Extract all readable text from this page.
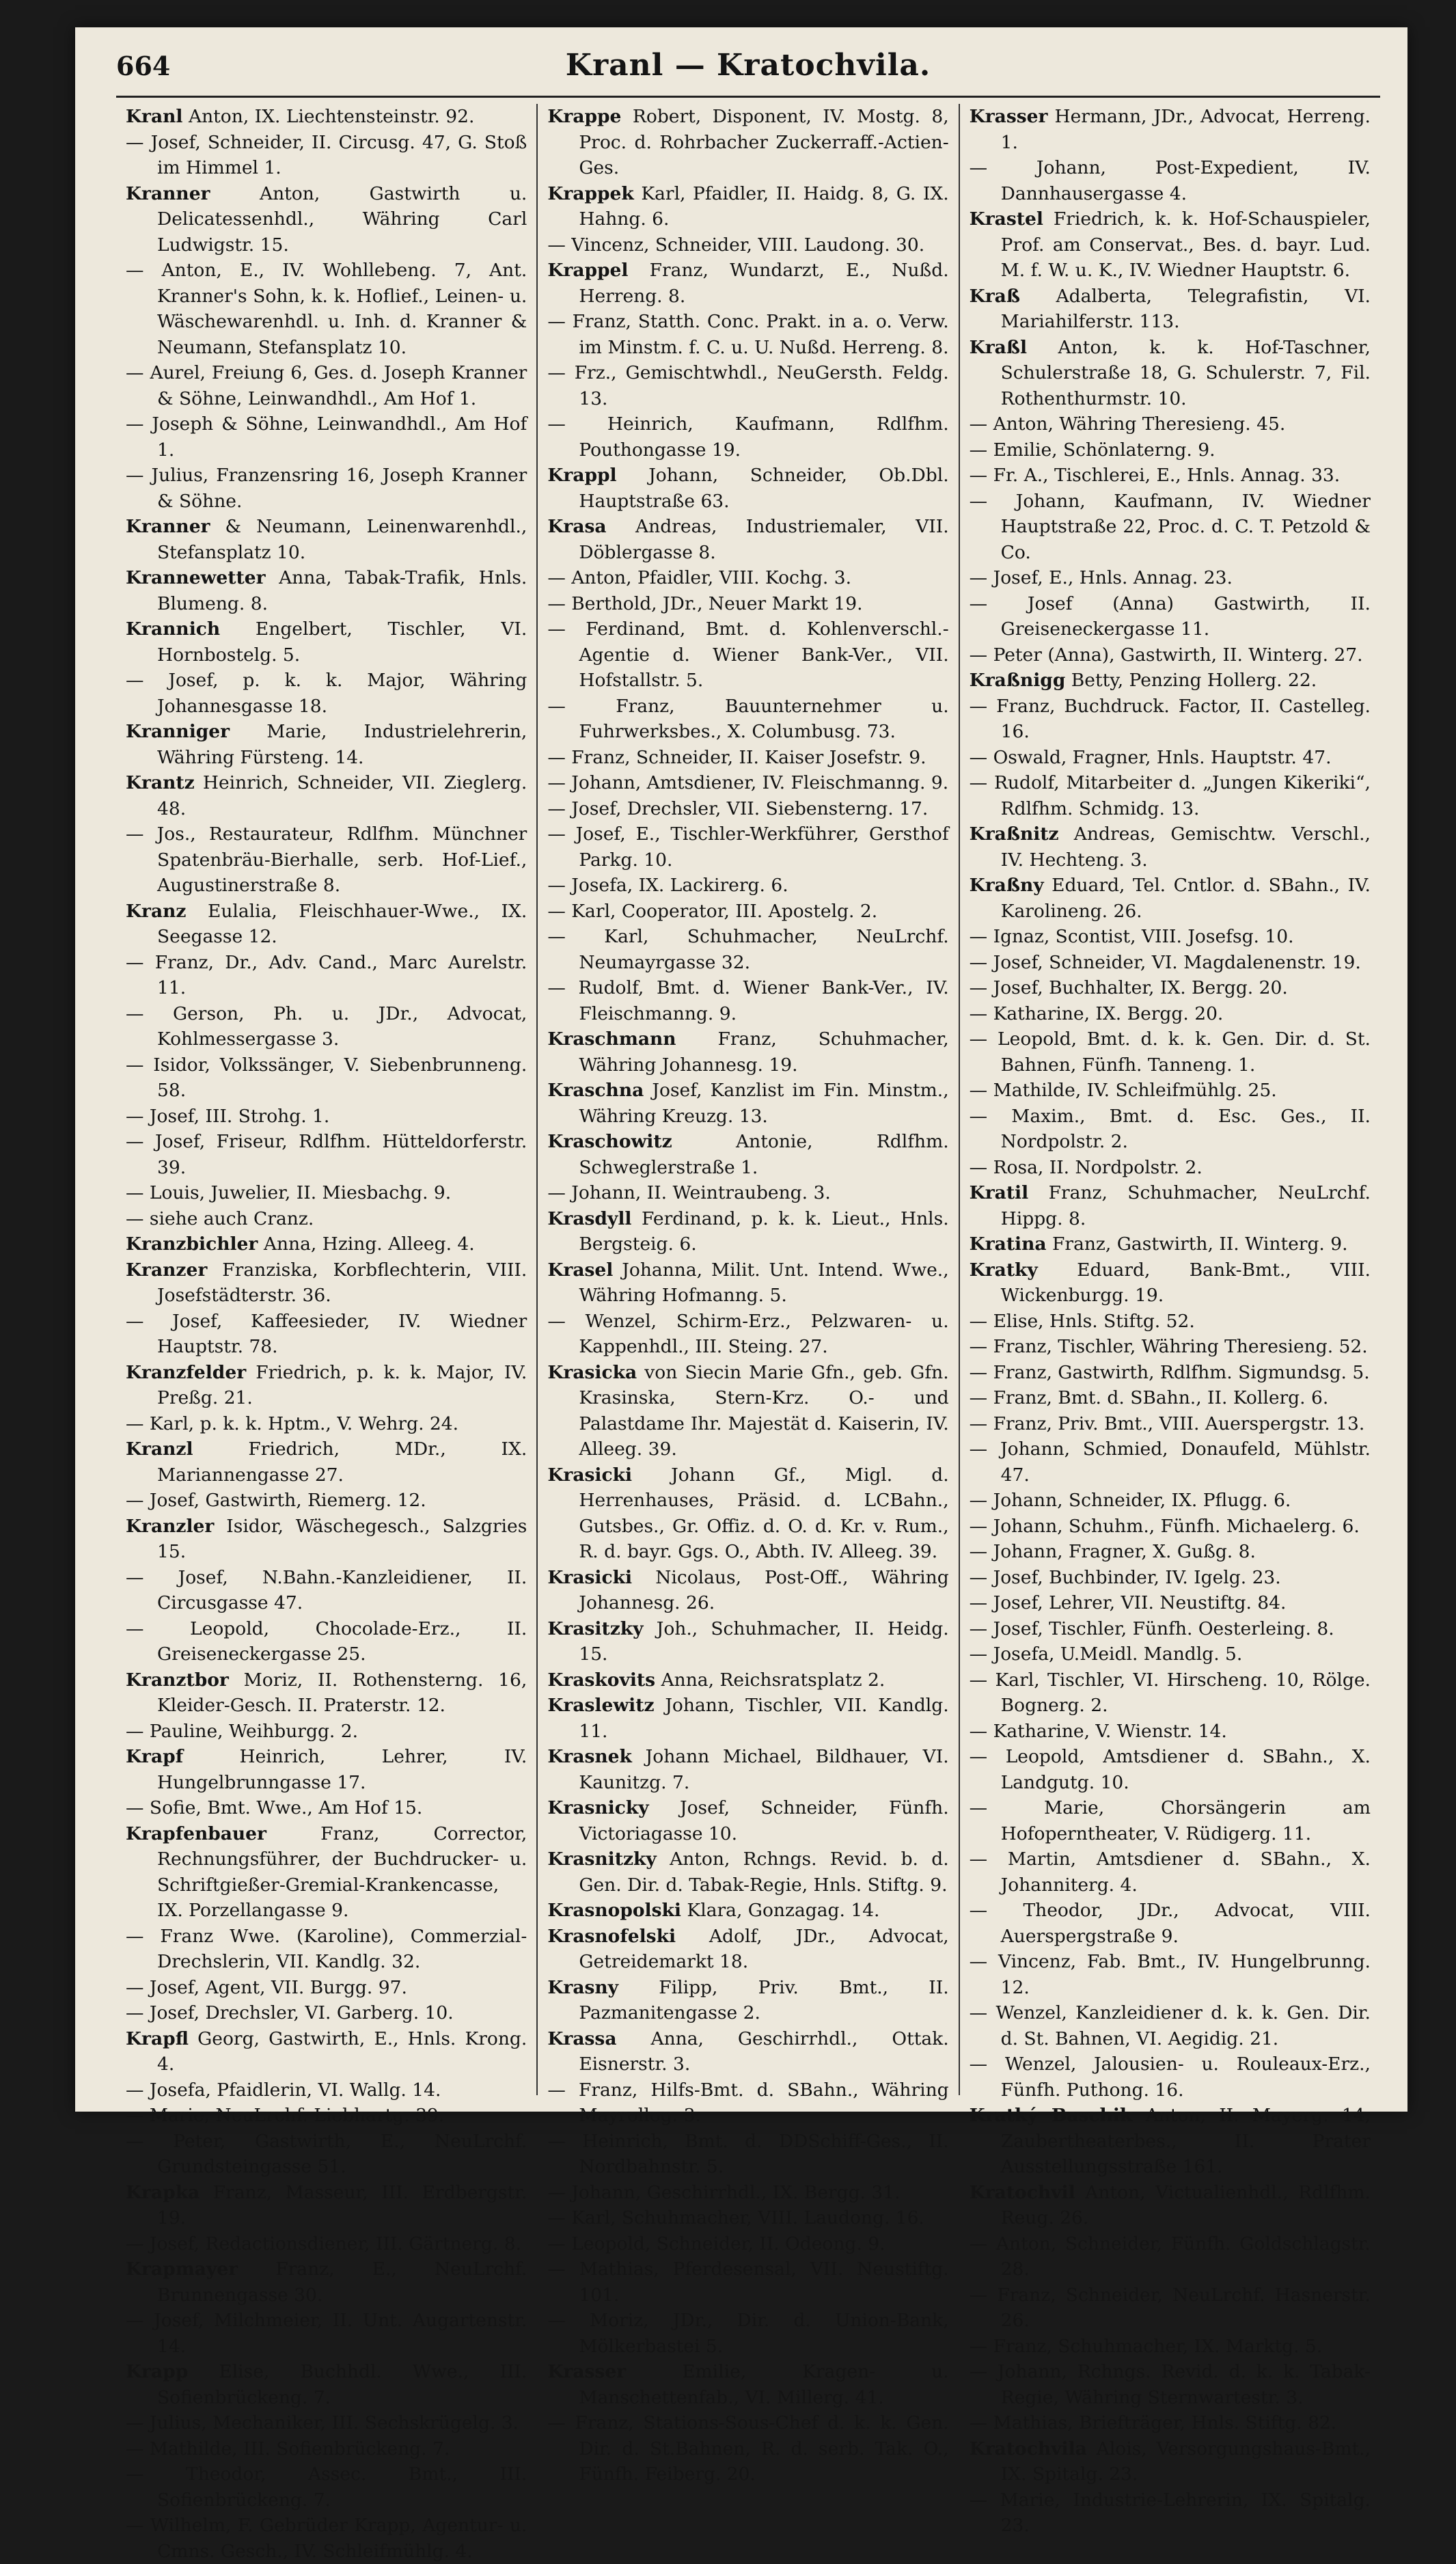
664	Kranl — Kratochvila.

Kranl Anton, IX. Liechtensteinstr. 92.

— Josef, Schneider, II. Circusg. 47, G. Stoß im Himmel 1.

Kranner	Anton, Gastwirth u. Delicatessenhdl., Währing Carl Ludwigstr. 15.

— Anton, E., IV. Wohllebeng. 7, Ant. Kranner's Sohn, k. k. Hoflief., Leinen- u. Wäschewarenhdl. u. Inh. d. Kranner & Neumann, Stefansplatz 10.

— Aurel, Freiung 6, Ges. d. Joseph Kranner & Söhne, Leinwandhdl., Am Hof 1.

— Joseph & Söhne, Leinwandhdl., Am Hof 1.

— Julius, Franzensring 16, Joseph Kranner & Söhne.

Kranner & Neumann, Leinenwarenhdl., Stefansplatz 10.

Krannewetter Anna, Tabak-Trafik, Hnls. Blumeng. 8.

Krannich Engelbert, Tischler, VI. Hornbostelg. 5.

— Josef, p. k. k. Major, Währing Johannesgasse 18.

Kranniger Marie, Industrielehrerin, Währing Fürsteng. 14.

Krantz Heinrich, Schneider, VII. Zieglerg. 48.

— Jos., Restaurateur, Rdlfhm. Münchner Spatenbräu-Bierhalle, serb. Hof-Lief., Augustinerstraße 8.

Kranz Eulalia, Fleischhauer-Wwe., IX. Seegasse 12.

— Franz, Dr., Adv. Cand., Marc Aurelstr. 11.

— Gerson, Ph. u. JDr., Advocat, Kohlmessergasse 3.

— Isidor, Volkssänger, V. Siebenbrunneng. 58.

— Josef, III. Strohg. 1.

— Josef, Friseur, Rdlfhm. Hütteldorferstr. 39.

— Louis, Juwelier, II. Miesbachg. 9.

— siehe auch Cranz.

Kranzbichler Anna, Hzing. Alleeg. 4.

Kranzer Franziska, Korbflechterin, VIII. Josefstädterstr. 36.

— Josef, Kaffeesieder, IV. Wiedner Hauptstr. 78.

Kranzfelder Friedrich, p. k. k. Major, IV. Preßg. 21.

— Karl, p. k. k. Hptm., V. Wehrg. 24.

Kranzl	Friedrich, MDr., IX. Mariannengasse 27.

— Josef, Gastwirth, Riemerg. 12.

Kranzler Isidor, Wäschegesch., Salzgries 15.

— Josef, N.Bahn.-Kanzleidiener, II. Circusgasse 47.

— Leopold, Chocolade-Erz., II. Greiseneckergasse 25.

Kranztbor Moriz, II. Rothensterng. 16, Kleider-Gesch. II. Praterstr. 12.

— Pauline, Weihburgg. 2.

Krapf	Heinrich, Lehrer, IV. Hungelbrunngasse 17.

— Sofie, Bmt. Wwe., Am Hof 15.

Krapfenbauer	Franz, Corrector, Rechnungsführer, der Buchdrucker- u. Schriftgießer-Gremial-Krankencasse, IX. Porzellangasse 9.

— Franz Wwe. (Karoline), Commerzial-Drechslerin, VII. Kandlg. 32.

— Josef, Agent, VII. Burgg. 97.

— Josef, Drechsler, VI. Garberg. 10.

Krapfl Georg, Gastwirth, E., Hnls. Krong. 4.

— Josefa, Pfaidlerin, VI. Wallg. 14.

— Marie, NeuLrchf. Liebhartg. 39.

— Peter, Gastwirth, E., NeuLrchf. Grundsteingasse 51.

Krapka Franz, Masseur, III. Erdbergstr. 19.

— Josef, Redactionsdiener, III. Gärtnerg. 8.

Krapmayer Franz, E., NeuLrchf. Brunnengasse 30.

— Josef, Milchmeier, II. Unt. Augartenstr. 14.

Krapp Elise, Buchhdl. Wwe., III. Sofienbrückeng. 7.

— Julius, Mechaniker, III. Sechskrügelg. 3.

— Mathilde, III. Sofienbrückeng. 7.

— Theodor, Assec. Bmt., III. Sofienbrückeng. 7.

— Wilhelm, F. Gebrüder Krapp, Agentur- u. Cmns. Gesch., IV. Schleifmühlg. 4.

Krappe Robert, Disponent, IV. Mostg. 8, Proc. d. Rohrbacher Zuckerraff.-Actien-Ges.

Krappek Karl, Pfaidler, II. Haidg. 8, G. IX. Hahng. 6.

— Vincenz, Schneider, VIII. Laudong. 30.

Krappel Franz, Wundarzt, E., Nußd. Herreng. 8.

— Franz, Statth. Conc. Prakt. in a. o. Verw. im Minstm. f. C. u. U. Nußd. Herreng. 8.

— Frz., Gemischtwhdl., NeuGersth. Feldg. 13.

— Heinrich, Kaufmann, Rdlfhm. Pouthongasse 19.

Krappl Johann, Schneider, Ob.Dbl. Hauptstraße 63.

Krasa Andreas, Industriemaler, VII. Döblergasse 8.

— Anton, Pfaidler, VIII. Kochg. 3.

— Berthold, JDr., Neuer Markt 19.

— Ferdinand, Bmt. d. Kohlenverschl.-Agentie d. Wiener Bank-Ver., VII. Hofstallstr. 5.

— Franz, Bauunternehmer u. Fuhrwerksbes., X. Columbusg. 73.

— Franz, Schneider, II. Kaiser Josefstr. 9.

— Johann, Amtsdiener, IV. Fleischmanng. 9.

— Josef, Drechsler, VII. Siebensterng. 17.

— Josef, E., Tischler-Werkführer, Gersthof Parkg. 10.

— Josefa, IX. Lackirerg. 6.

— Karl, Cooperator, III. Apostelg. 2.

— Karl, Schuhmacher, NeuLrchf. Neumayrgasse 32.

— Rudolf, Bmt. d. Wiener Bank-Ver., IV. Fleischmanng. 9.

Kraschmann Franz, Schuhmacher, Währing Johannesg. 19.

Kraschna Josef, Kanzlist im Fin. Minstm., Währing Kreuzg. 13.

Kraschowitz	Antonie, Rdlfhm. Schweglerstraße 1.

— Johann, II. Weintraubeng. 3.

Krasdyll Ferdinand, p. k. k. Lieut., Hnls. Bergsteig. 6.

Krasel Johanna, Milit. Unt. Intend. Wwe., Währing Hofmanng. 5.

— Wenzel, Schirm-Erz., Pelzwaren- u. Kappenhdl., III. Steing. 27.

Krasicka von Siecin Marie Gfn., geb. Gfn. Krasinska, Stern-Krz. O.- und Palastdame Ihr. Majestät d. Kaiserin, IV. Alleeg. 39.

Krasicki Johann Gf., Migl. d. Herrenhauses, Präsid. d. LCBahn., Gutsbes., Gr. Offiz. d. O. d. Kr. v. Rum., R. d. bayr. Ggs. O., Abth. IV. Alleeg. 39.

Krasicki Nicolaus, Post-Off., Währing Johannesg. 26.

Krasitzky Joh., Schuhmacher, II. Heidg. 15.

Kraskovits Anna, Reichsratsplatz 2.

Kraslewitz Johann, Tischler, VII. Kandlg. 11.

Krasnek Johann Michael, Bildhauer, VI. Kaunitzg. 7.

Krasnicky Josef, Schneider, Fünfh. Victoriagasse 10.

Krasnitzky Anton, Rchngs. Revid. b. d. Gen. Dir. d. Tabak-Regie, Hnls. Stiftg. 9.

Krasnopolski Klara, Gonzagag. 14.

Krasnofelski Adolf, JDr., Advocat, Getreidemarkt 18.

Krasny Filipp, Priv. Bmt., II. Pazmanitengasse 2.

Krassa Anna, Geschirrhdl., Ottak. Eisnerstr. 3.

— Franz, Hilfs-Bmt. d. SBahn., Währing Mayrollog. 3.

— Heinrich, Bmt. d. DDSchiff-Ges., II. Nordbahnstr. 5.

— Johann, Geschirrhdl., IX. Bergg. 31.

— Karl, Schuhmacher, VIII. Laudong. 16.

— Leopold, Schneider, II. Odeong. 9.

— Mathias, Pferdesensal, VII. Neustiftg. 101.

— Moriz, JDr., Dir. d. Union-Bank, Mölkerbastei 5.

Krasser	Emilie, Kragen- u. Manschettenfab., VI. Millerg. 41.

— Franz, Stations-Sous-Chef d. k. k. Gen. Dir. d. St.Bahnen, R. d. serb. Tak. O., Fünfh. Feiberg. 20.

Krasser Hermann, JDr., Advocat, Herreng. 1.

— Johann, Post-Expedient, IV. Dannhausergasse 4.

Krastel Friedrich, k. k. Hof-Schauspieler, Prof. am Conservat., Bes. d. bayr. Lud. M. f. W. u. K., IV. Wiedner Hauptstr. 6.

Kraß Adalberta, Telegrafistin, VI. Mariahilferstr. 113.

Kraßl Anton, k. k. Hof-Taschner, Schulerstraße 18, G. Schulerstr. 7, Fil. Rothenthurmstr. 10.

— Anton, Währing Theresieng. 45.

— Emilie, Schönlaterng. 9.

— Fr. A., Tischlerei, E., Hnls. Annag. 33.

— Johann, Kaufmann, IV. Wiedner Hauptstraße 22, Proc. d. C. T. Petzold & Co.

— Josef, E., Hnls. Annag. 23.

— Josef (Anna) Gastwirth, II. Greiseneckergasse 11.

— Peter (Anna), Gastwirth, II. Winterg. 27.

Kraßnigg Betty, Penzing Hollerg. 22.

— Franz, Buchdruck. Factor, II. Castelleg. 16.

— Oswald, Fragner, Hnls. Hauptstr. 47.

— Rudolf, Mitarbeiter d. „Jungen Kikeriki“, Rdlfhm. Schmidg. 13.

Kraßnitz Andreas, Gemischtw. Verschl., IV. Hechteng. 3.

Kraßny Eduard, Tel. Cntlor. d. SBahn., IV. Karolineng. 26.

— Ignaz, Scontist, VIII. Josefsg. 10.

— Josef, Schneider, VI. Magdalenenstr. 19.

— Josef, Buchhalter, IX. Bergg. 20.

— Katharine, IX. Bergg. 20.

— Leopold, Bmt. d. k. k. Gen. Dir. d. St. Bahnen, Fünfh. Tanneng. 1.

— Mathilde, IV. Schleifmühlg. 25.

— Maxim., Bmt. d. Esc. Ges., II. Nordpolstr. 2.

— Rosa, II. Nordpolstr. 2.

Kratil Franz, Schuhmacher, NeuLrchf. Hippg. 8.

Kratina Franz, Gastwirth, II. Winterg. 9.

Kratky Eduard, Bank-Bmt., VIII. Wickenburgg. 19.

— Elise, Hnls. Stiftg. 52.

— Franz, Tischler, Währing Theresieng. 52.

— Franz, Gastwirth, Rdlfhm. Sigmundsg. 5.

— Franz, Bmt. d. SBahn., II. Kollerg. 6.

— Franz, Priv. Bmt., VIII. Auerspergstr. 13.

— Johann, Schmied, Donaufeld, Mühlstr. 47.

— Johann, Schneider, IX. Pflugg. 6.

— Johann, Schuhm., Fünfh. Michaelerg. 6.

— Johann, Fragner, X. Gußg. 8.

— Josef, Buchbinder, IV. Igelg. 23.

— Josef, Lehrer, VII. Neustiftg. 84.

— Josef, Tischler, Fünfh. Oesterleing. 8.

— Josefa, U.Meidl. Mandlg. 5.

— Karl, Tischler, VI. Hirscheng. 10, Rölge. Bognerg. 2.

— Katharine, V. Wienstr. 14.

— Leopold, Amtsdiener d. SBahn., X. Landgutg. 10.

— Marie, Chorsängerin am Hofoperntheater, V. Rüdigerg. 11.

— Martin, Amtsdiener d. SBahn., X. Johanniterg. 4.

— Theodor, JDr., Advocat, VIII. Auerspergstraße 9.

— Vincenz, Fab. Bmt., IV. Hungelbrunng. 12.

— Wenzel, Kanzleidiener d. k. k. Gen. Dir. d. St. Bahnen, VI. Aegidig. 21.

— Wenzel, Jalousien- u. Rouleaux-Erz., Fünfh. Puthong. 16.

Kratký Baschik Anton, II. Mayerg. 14, Zaubertheaterbes., II. Prater Ausstellungsstraße 161.

Kratochvil Anton, Victualienhdl., Rdlfhm. Reug. 26.

— Anton, Schneider, Fünfh. Goldschlagstr. 28.

— Franz, Schneider, NeuLrchf. Hasnerstr. 26.

— Franz, Schuhmacher, IX. Marktg. 5.

— Johann, Rchngs. Revid. d. k. k. Tabak-Regie, Währing Sternwartestr. 3.

— Mathias, Briefträger, Hnls. Stiftg. 82.

Kratochvila Alois, Versorgungshaus-Bmt., IX. Spitalg. 23.

— Marie, Industrie-Lehrerin, IX. Spitalg. 23.
